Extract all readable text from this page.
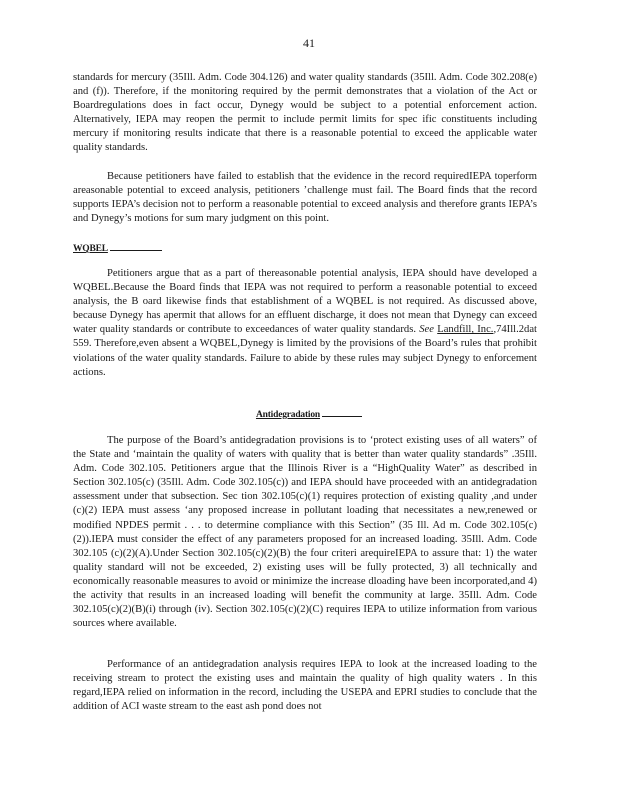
41

standards for mercury (35Ill. Adm. Code 304.126) and water quality standards (35Ill. Adm. Code 302.208(e) and (f)). Therefore, if the monitoring required by the permit demonstrates that a violation of the Act or Boardregulations does in fact occur, Dynegy would be subject to a potential enforcement action. Alternatively, IEPA may reopen the permit to include permit limits for spec ific constituents including mercury if monitoring results indicate that there is a reasonable potential to exceed the applicable water quality standards.

Because petitioners have failed to establish that the evidence in the record requiredIEPA toperform areasonable potential to exceed analysis, petitioners ’challenge must fail. The Board finds that the record supports IEPA’s decision not to perform a reasonable potential to exceed analysis and therefore grants IEPA’s and Dynegy’s motions for sum mary judgment on this point.

WQBEL

Petitioners argue that as a part of thereasonable potential analysis, IEPA should have developed a WQBEL.Because the Board finds that IEPA was not required to perform a reasonable potential to exceed analysis, the B oard likewise finds that establishment of a WQBEL is not required. As discussed above, because Dynegy has apermit that allows for an effluent discharge, it does not mean that Dynegy can exceed water quality standards or contribute to exceedances of water quality standards. See Landfill, Inc.,74Ill.2dat 559. Therefore,even absent a WQBEL,Dynegy is limited by the provisions of the Board’s rules that prohibit violations of the water quality standards. Failure to abide by these rules may subject Dynegy to enforcement actions.

Antidegradation

The purpose of the Board’s antidegradation provisions is to ‘protect existing uses of all waters” of the State and ‘maintain the quality of waters with quality that is better than water quality standards” .35Ill. Adm. Code 302.105. Petitioners argue that the Illinois River is a “HighQuality Water” as described in Section 302.105(c) (35Ill. Adm. Code 302.105(c)) and IEPA should have proceeded with an antidegradation assessment under that subsection. Sec tion 302.105(c)(1) requires protection of existing quality ,and under (c)(2) IEPA must assess ‘any proposed increase in pollutant loading that necessitates a new,renewed or modified NPDES permit . . . to determine compliance with this Section” (35 Ill. Ad m. Code 302.105(c)(2)).IEPA must consider the effect of any parameters proposed for an increased loading. 35Ill. Adm. Code 302.105 (c)(2)(A).Under Section 302.105(c)(2)(B) the four criteri arequireIEPA to assure that: 1) the water quality standard will not be exceeded, 2) existing uses will be fully protected, 3) all technically and economically reasonable measures to avoid or minimize the increase dloading have been incorporated,and 4) the activity that results in an increased loading will benefit the community at large. 35Ill. Adm. Code 302.105(c)(2)(B)(i) through (iv). Section 302.105(c)(2)(C) requires IEPA to utilize information from various sources where available.

Performance of an antidegradation analysis requires IEPA to look at the increased loading to the receiving stream to protect the existing uses and maintain the quality of high quality waters . In this regard,IEPA relied on information in the record, including the USEPA and EPRI studies to conclude that the addition of ACI waste stream to the east ash pond does not
